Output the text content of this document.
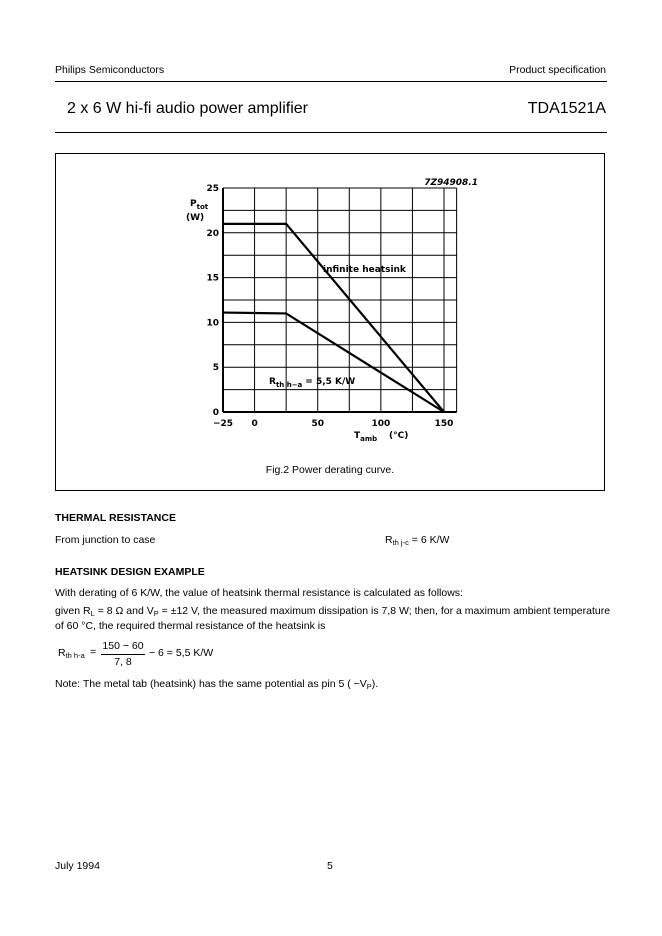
Philips Semiconductors	Product specification
2 x 6 W hi-fi audio power amplifier	TDA1521A
0
5
10
15
20
25
−25 0	50	100	150
7Z94908.1
$P_{tot}$
(W)
$T_{amb}$ (°C)
infinite heatsink
$R_{th h-a} = 5,5$ K/W
Fig.2 Power derating curve.
THERMAL RESISTANCE
From junction to case	$R_{th j-c} = 6$ K/W
HEATSINK DESIGN EXAMPLE
With derating of 6 K/W, the value of heatsink thermal resistance is calculated as follows:
given $R_L = 8$ Ω and $V_P = \pm 12$ V, the measured maximum dissipation is 7,8 W; then, for a maximum ambient temperature
of 60 °C, the required thermal resistance of the heatsink is
$R_{th h-a} = 150 - 60$
7, 8
− 6 = 5,5 K/W
Note: The metal tab (heatsink) has the same potential as pin 5 ( $-V_P$).
July 1994	5
